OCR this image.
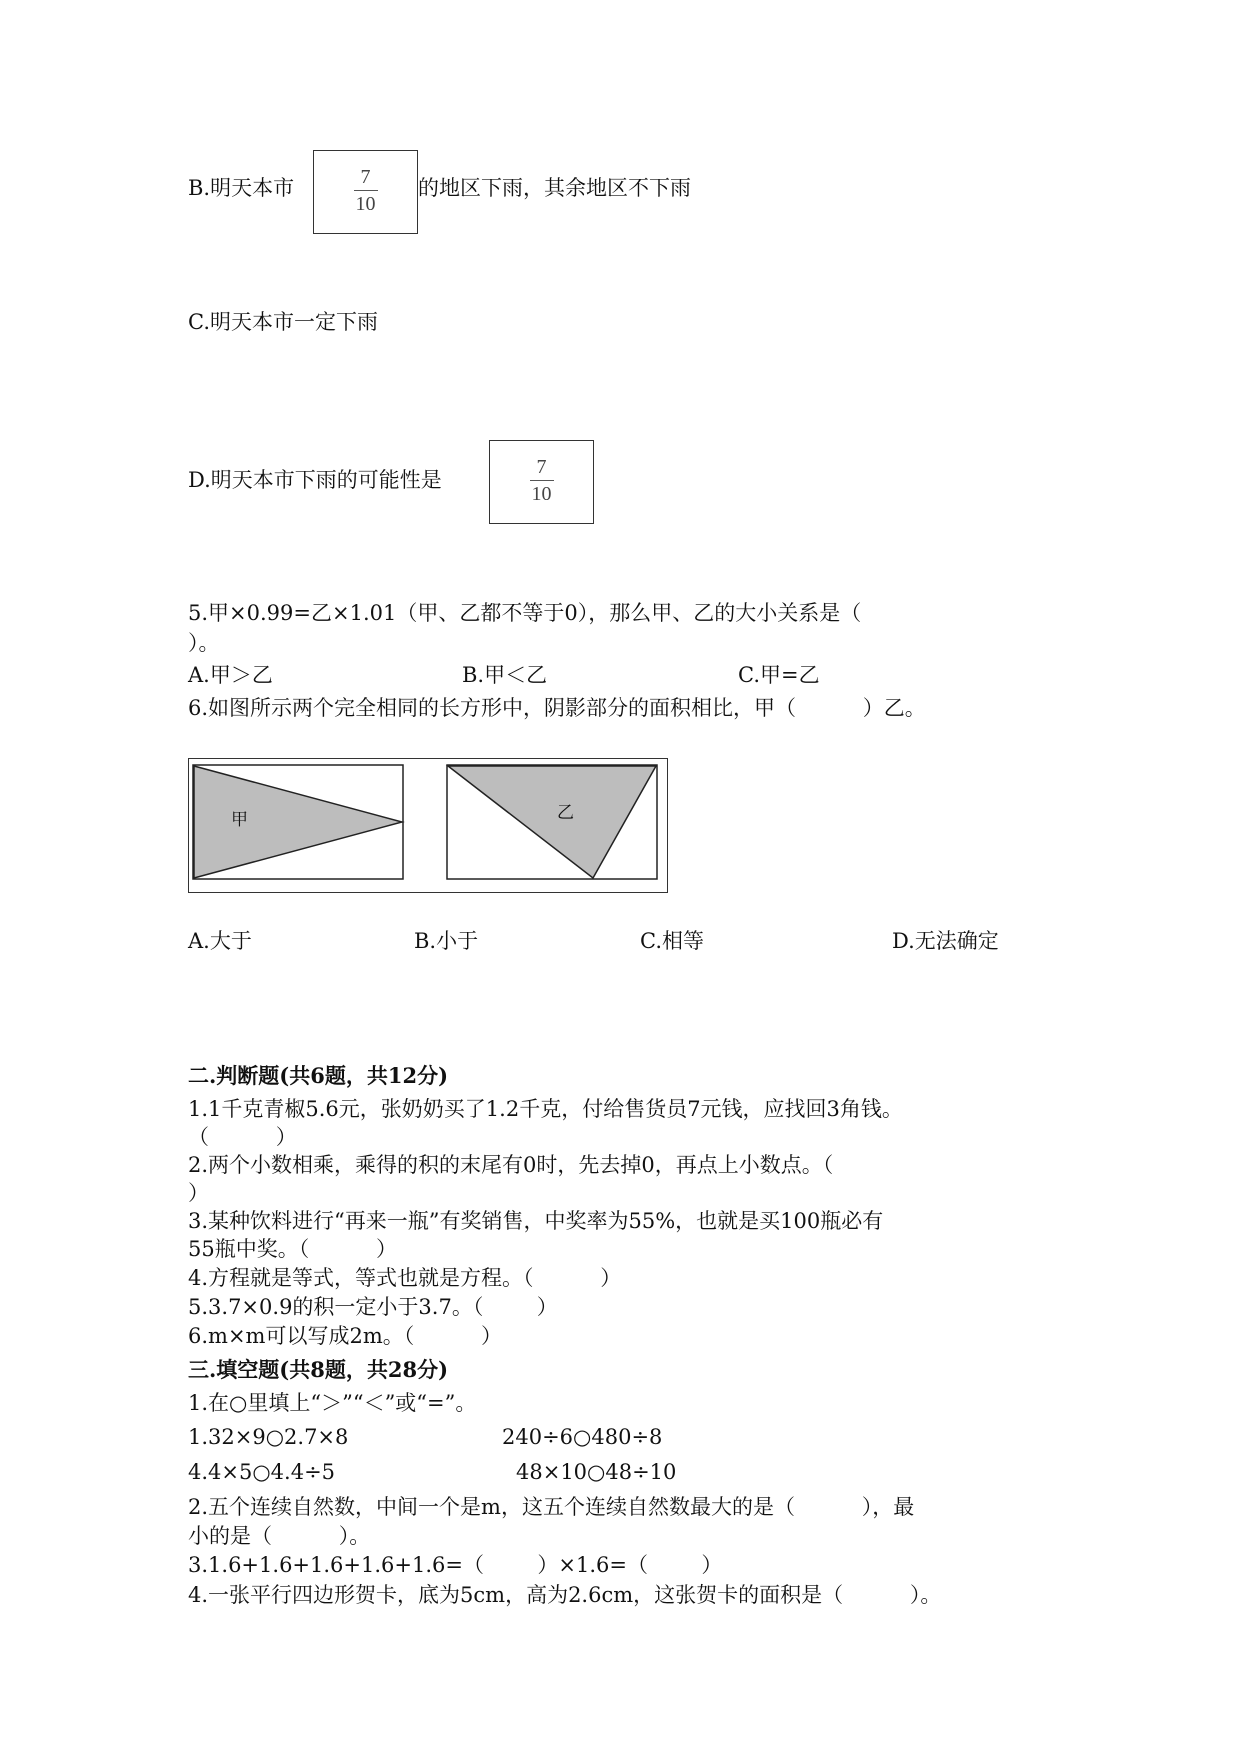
B.明天本市	7
10
的地区下雨，其余地区不下雨
C.明天本市一定下雨
D.明天本市下雨的可能性是
7
10
5.甲×0.99=乙×1.01（甲、乙都不等于0），那么甲、乙的大小关系是（
）。
A.甲＞乙	B.甲＜乙	C.甲=乙
6.如图所示两个完全相同的长方形中，阴影部分的面积相比，甲（          ）乙。
甲	乙
A.大于	B.小于	C.相等	D.无法确定
二.判断题(共6题，共12分)
1.1千克青椒5.6元，张奶奶买了1.2千克，付给售货员7元钱，应找回3角钱。
（          ）
2.两个小数相乘，乘得的积的末尾有0时，先去掉0，再点上小数点。（
）
3.某种饮料进行“再来一瓶”有奖销售，中奖率为55%，也就是买100瓶必有
55瓶中奖。（          ）
4.方程就是等式，等式也就是方程。（          ）
5.3.7×0.9的积一定小于3.7。（        ）
6.m×m可以写成2m。（          ）
三.填空题(共8题，共28分)
1.在○里填上“＞”“＜”或“=”。
1.32×9○2.7×8	240÷6○480÷8
4.4×5○4.4÷5	48×10○48÷10
2.五个连续自然数，中间一个是m，这五个连续自然数最大的是（          ），最
小的是（          ）。
3.1.6+1.6+1.6+1.6+1.6=（        ）×1.6=（        ）
4.一张平行四边形贺卡，底为5cm，高为2.6cm，这张贺卡的面积是（          ）。
